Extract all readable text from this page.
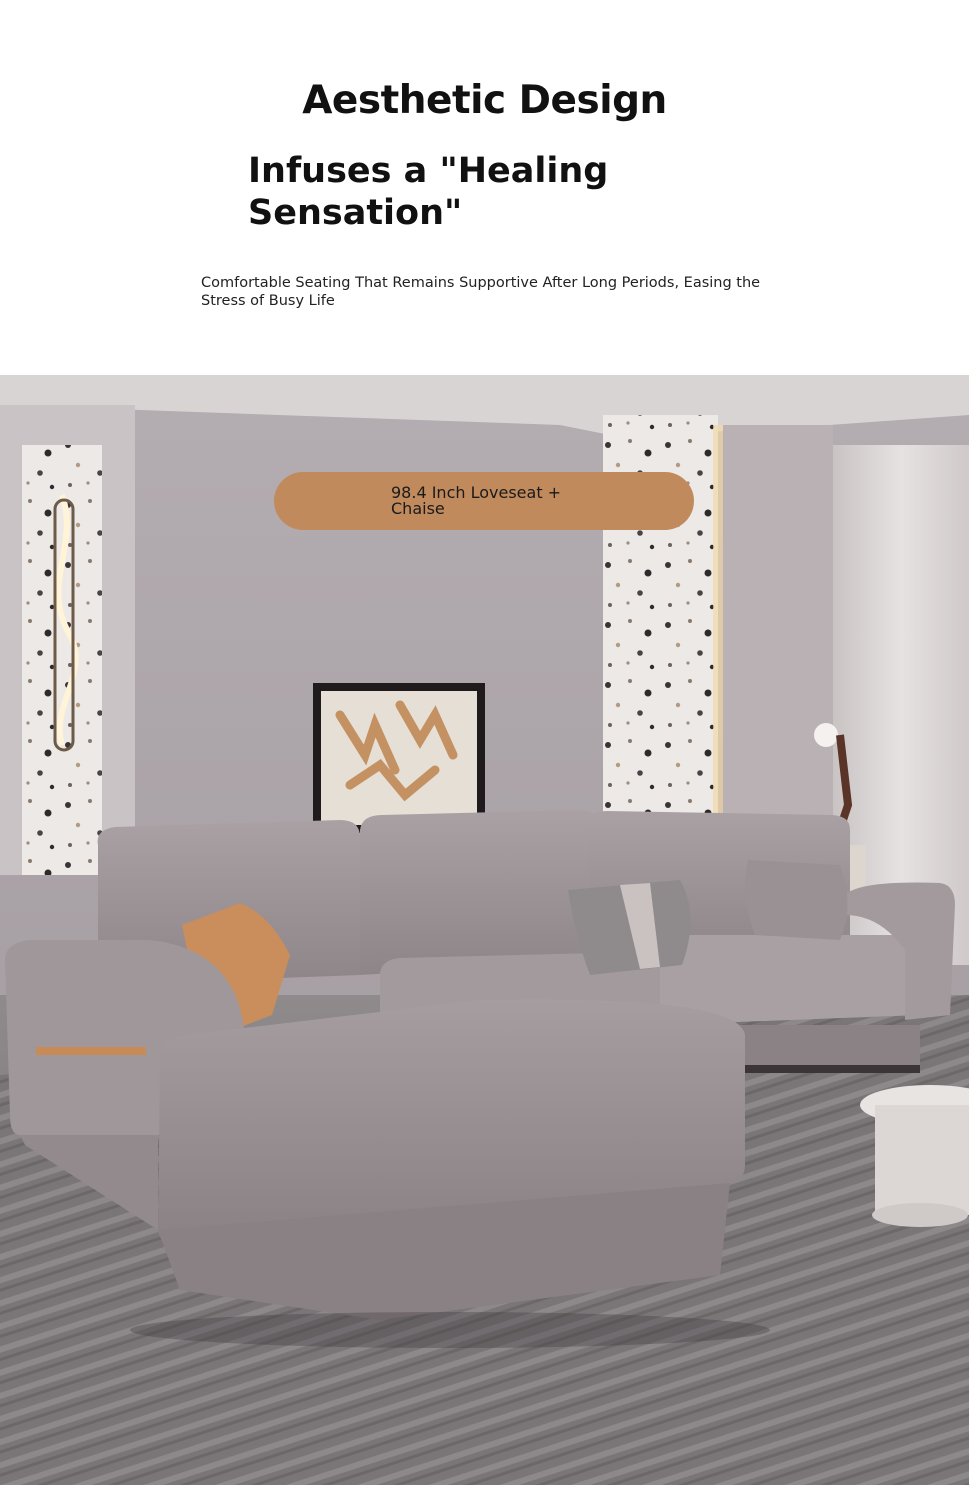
Aesthetic Design
Infuses a "Healing
Sensation"
Comfortable Seating That Remains Supportive After Long Periods, Easing the
Stress of Busy Life
98.4 Inch Loveseat +
Chaise
